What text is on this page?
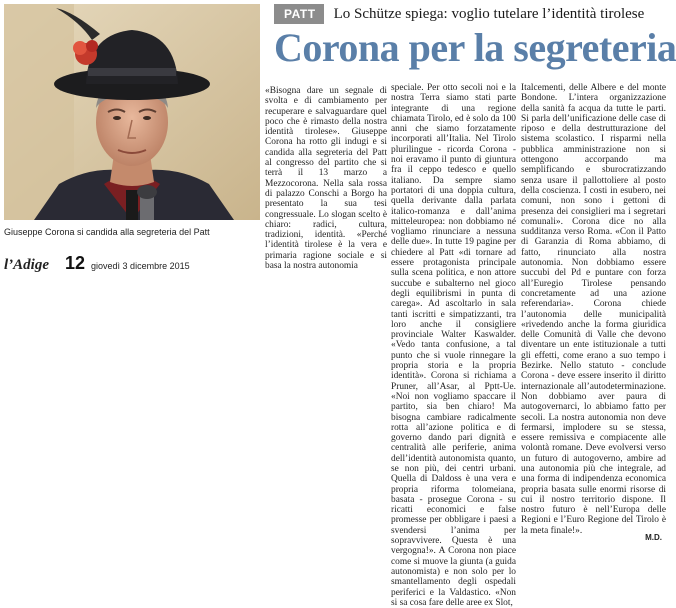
Giuseppe Corona si candida alla segreteria del Patt
l’Adige 12 giovedì 3 dicembre 2015
PATT	Lo Schütze spiega: voglio tutelare l’identità tirolese
Corona per la segreteria

«Bisogna dare un segnale di svolta e di cambiamento per recuperare e salvaguardare quel poco che è rimasto della nostra identità tirolese». Giuseppe Corona ha rotto gli indugi e si candida alla segreteria del Patt al congresso del partito che si terrà il 13 marzo a Mezzocorona. Nella sala rossa di palazzo Conschi a Borgo ha presentato la sua tesi congressuale. Lo slogan scelto è chiaro: radici, cultura, tradizioni, identità. «Perché l’identità tirolese è la vera e primaria ragione sociale e si basa la nostra autonomia

speciale. Per otto secoli noi e la nostra Terra siamo stati parte integrante di una regione chiamata Tirolo, ed è solo da 100 anni che siamo forzatamente incorporati all’Italia. Nel Tirolo plurilingue - ricorda Corona - noi eravamo il punto di giuntura fra il ceppo tedesco e quello italiano. Da sempre siamo portatori di una doppia cultura, quella derivante dalla parlata italico-romanza e dall’anima mitteleuropea: non dobbiamo né vogliamo rinunciare a nessuna delle due». In tutte 19 pagine per chiedere al Patt «di tornare ad essere protagonista principale sulla scena politica, e non attore succube e subalterno nel gioco degli equilibrismi in punta di carega». Ad ascoltarlo in sala tanti iscritti e simpatizzanti, tra loro anche il consigliere provinciale Walter Kaswalder. «Vedo tanta confusione, a tal punto che si vuole rinnegare la propria storia e la propria identità». Corona si richiama a Pruner, all’Asar, al Pptt-Ue. «Noi non vogliamo spaccare il partito, sia ben chiaro! Ma bisogna cambiare radicalmente rotta all’azione politica e di governo dando pari dignità e centralità alle periferie, anima dell’identità autonomista quanto, se non più, dei centri urbani. Quella di Daldoss è una vera e propria riforma tolomeiana, basata - prosegue Corona - su ricatti economici e false promesse per obbligare i paesi a svendersi l’anima per sopravvivere. Questa è una vergogna!». A Corona non piace come si muove la giunta (a guida autonomista) e non solo per lo smantellamento degli ospedali periferici e la Valdastico. «Non si sa cosa fare delle aree ex Slot,

Italcementi, delle Albere e del monte Bondone. L’intera organizzazione della sanità fa acqua da tutte le parti. Si parla dell’unificazione delle case di riposo e della destrutturazione del sistema scolastico. I risparmi nella pubblica amministrazione non si ottengono accorpando ma semplificando e sburocratizzando senza usare il pallottoliere al posto della coscienza. I costi in esubero, nei comuni, non sono i gettoni di presenza dei consiglieri ma i segretari comunali». Corona dice no alla sudditanza verso Roma. «Con il Patto di Garanzia di Roma abbiamo, di fatto, rinunciato alla nostra autonomia. Non dobbiamo essere succubi del Pd e puntare con forza all’Euregio Tirolese pensando concretamente ad una azione referendaria». Corona chiede l’autonomia delle municipalità «rivedendo anche la forma giuridica delle Comunità di Valle che devono diventare un ente istituzionale a tutti gli effetti, come erano a suo tempo i Bezirke. Nello statuto - conclude Corona - deve essere inserito il diritto internazionale all’autodeterminazione. Non dobbiamo aver paura di autogovernarci, lo abbiamo fatto per secoli. La nostra autonomia non deve fermarsi, implodere su se stessa, essere remissiva e compiacente alle volontà romane. Deve evolversi verso un futuro di autogoverno, ambire ad una autonomia più che integrale, ad una forma di indipendenza economica propria basata sulle enormi risorse di cui il nostro territorio dispone. Il nostro futuro è nell’Europa delle Regioni e l’Euro Regione del Tirolo è la meta finale!».

M.D.
